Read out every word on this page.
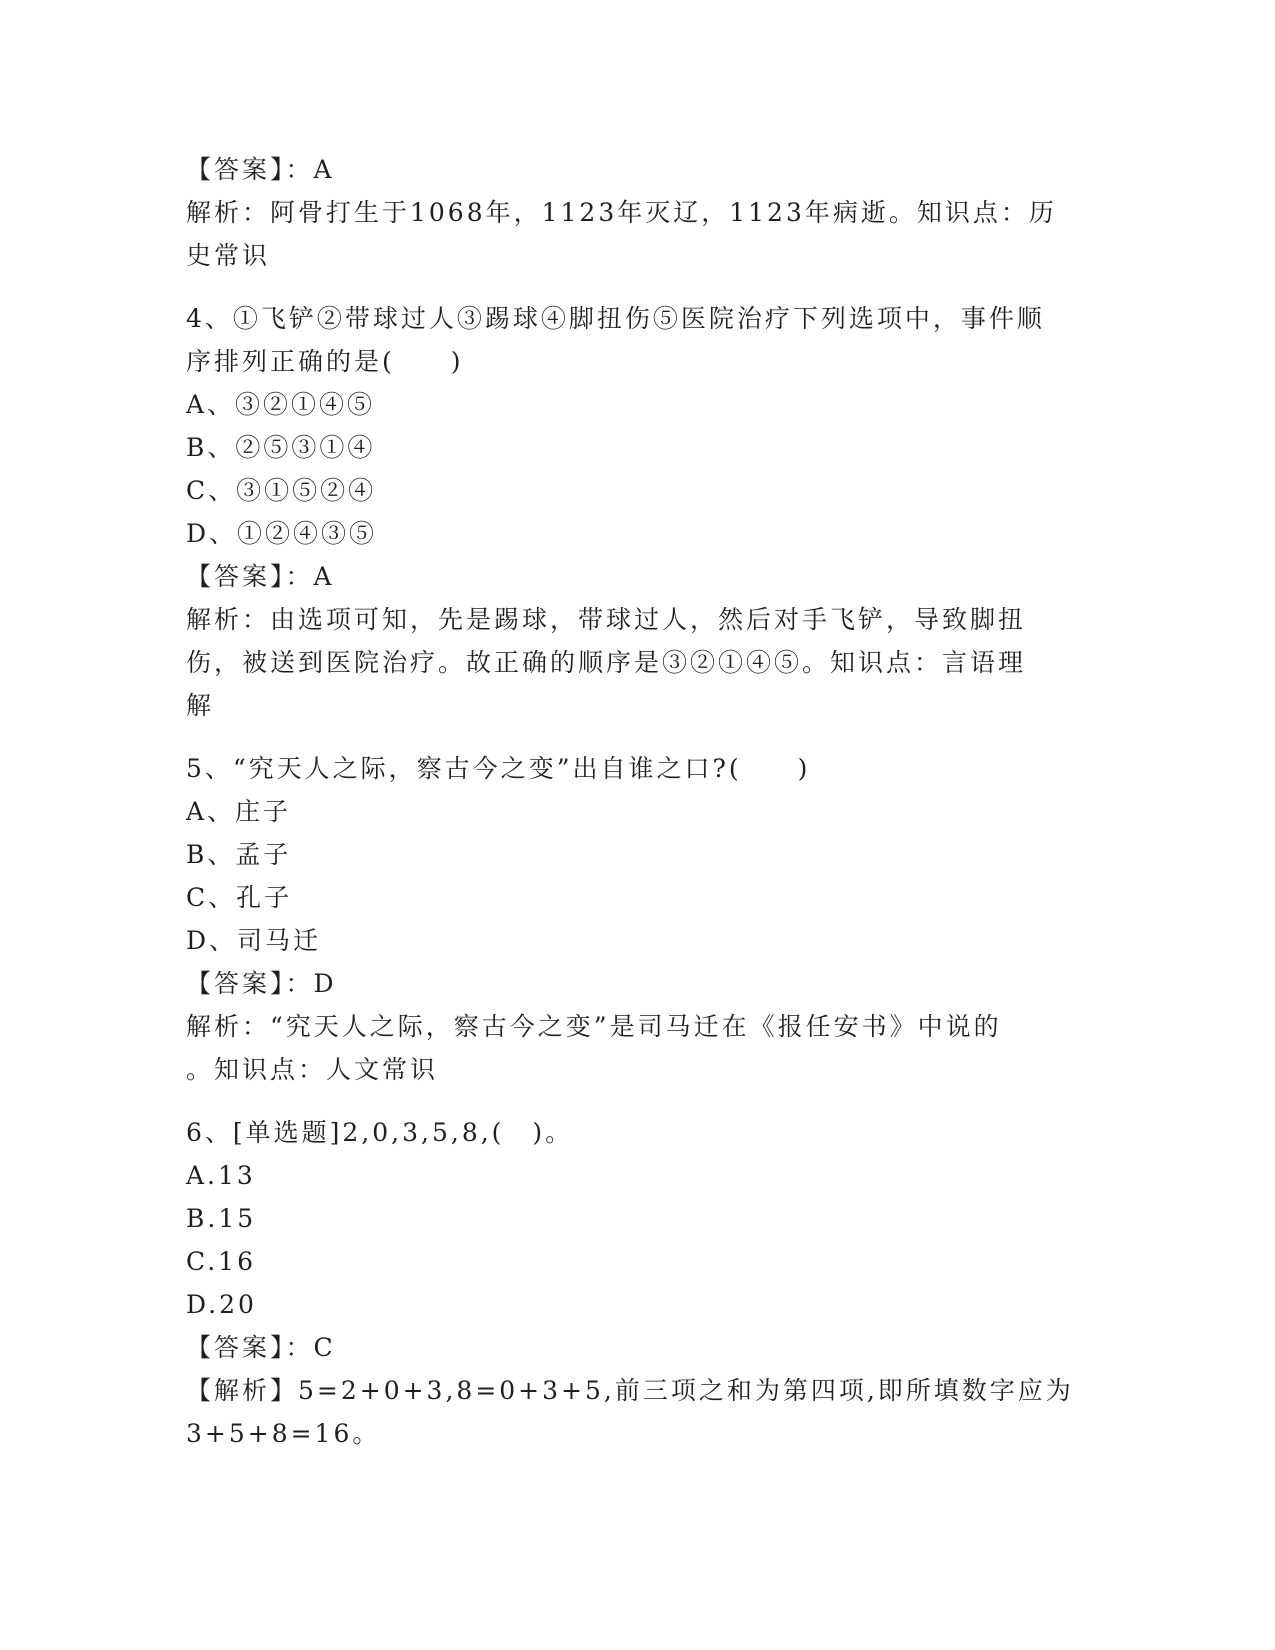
【答案】：A
解析：阿骨打生于1068年，1123年灭辽，1123年病逝。知识点：历
史常识
4、①飞铲②带球过人③踢球④脚扭伤⑤医院治疗下列选项中，事件顺
序排列正确的是(　　)
A、③②①④⑤
B、②⑤③①④
C、③①⑤②④
D、①②④③⑤
【答案】：A
解析：由选项可知，先是踢球，带球过人，然后对手飞铲，导致脚扭
伤，被送到医院治疗。故正确的顺序是③②①④⑤。知识点：言语理
解
5、“究天人之际，察古今之变”出自谁之口?(　　)
A、庄子
B、孟子
C、孔子
D、司马迁
【答案】：D
解析：“究天人之际，察古今之变”是司马迁在《报任安书》中说的
。知识点：人文常识
6、[单选题]2,0,3,5,8,(　)。
A.13
B.15
C.16
D.20
【答案】：C
【解析】5=2+0+3,8=0+3+5,前三项之和为第四项,即所填数字应为
3+5+8=16。
